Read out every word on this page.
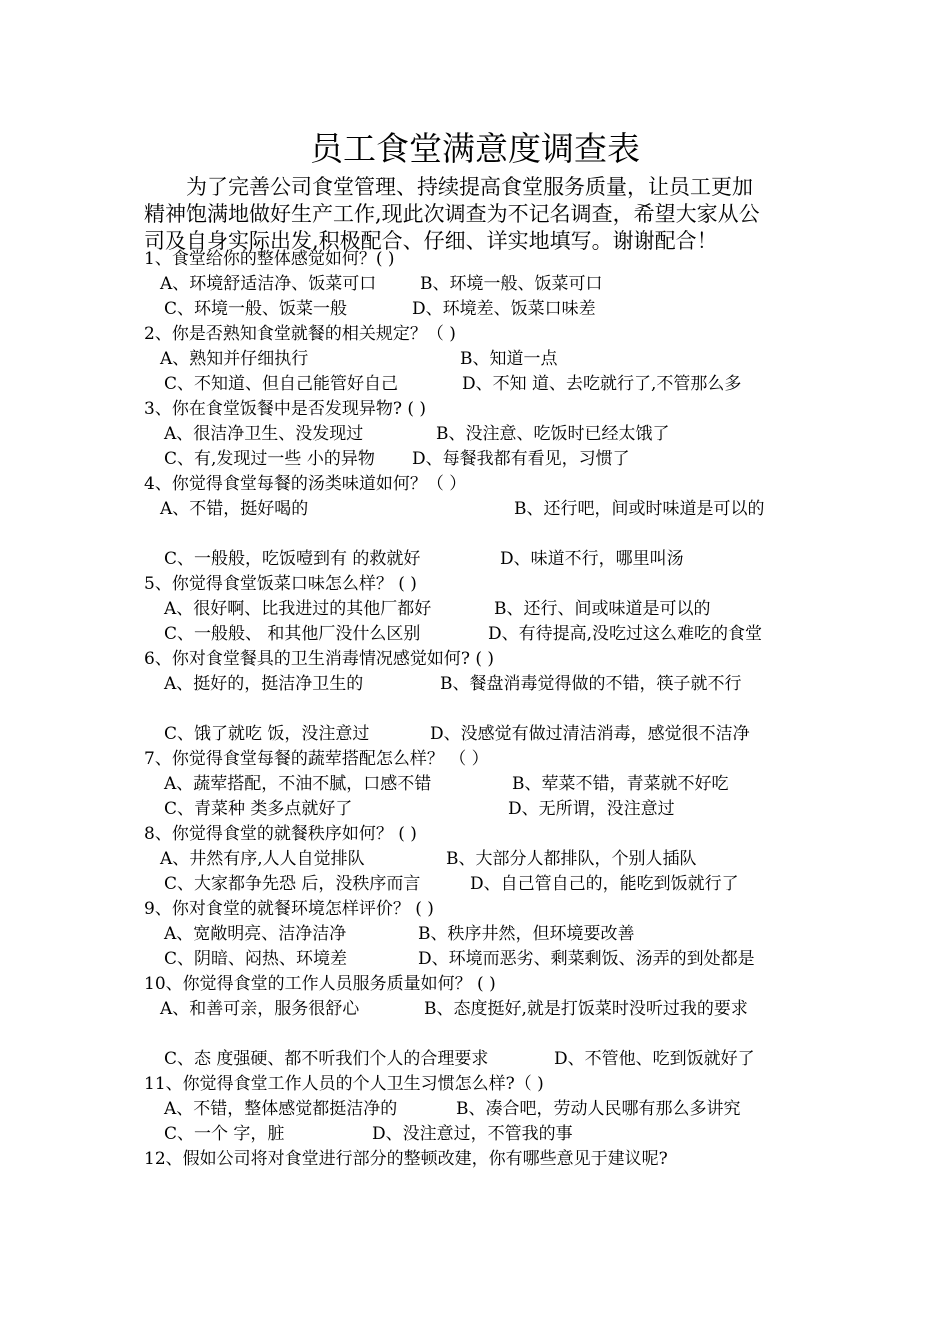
员工食堂满意度调查表

为了完善公司食堂管理、持续提高食堂服务质量，让员工更加

精神饱满地做好生产工作,现此次调查为不记名调查，希望大家从公

司及自身实际出发,积极配合、仔细、详实地填写。谢谢配合！

1、食堂给你的整体感觉如何？( )
A、环境舒适洁净、饭菜可口	B、环境一般、饭菜可口
C、环境一般、饭菜一般	D、环境差、饭菜口味差
2、你是否熟知食堂就餐的相关规定？（ )
A、熟知并仔细执行	B、知道一点
C、不知道、但自己能管好自己	D、不知 道、去吃就行了,不管那么多
3、你在食堂饭餐中是否发现异物? ( )
A、很洁净卫生、没发现过	B、没注意、吃饭时已经太饿了
C、有,发现过一些 小的异物 D、每餐我都有看见，习惯了
4、你觉得食堂每餐的汤类味道如何？（ ）
A、不错，挺好喝的	B、还行吧，间或时味道是可以的
C、一般般，吃饭噎到有 的救就好	D、味道不行，哪里叫汤
5、你觉得食堂饭菜口味怎么样？ ( )
A、很好啊、比我进过的其他厂都好	B、还行、间或味道是可以的
C、一般般、 和其他厂没什么区别	D、有待提高,没吃过这么难吃的食堂
6、你对食堂餐具的卫生消毒情况感觉如何? ( )
A、挺好的，挺洁净卫生的	B、餐盘消毒觉得做的不错，筷子就不行
C、饿了就吃 饭，没注意过	D、没感觉有做过清洁消毒，感觉很不洁净
7、你觉得食堂每餐的蔬荤搭配怎么样？ （ ）
A、蔬荤搭配，不油不腻，口感不错	B、荤菜不错，青菜就不好吃
C、青菜种 类多点就好了	D、无所谓，没注意过
8、你觉得食堂的就餐秩序如何？ ( )
A、井然有序,人人自觉排队	B、大部分人都排队，个别人插队
C、大家都争先恐 后，没秩序而言	D、自己管自己的，能吃到饭就行了
9、你对食堂的就餐环境怎样评价？ ( )
A、宽敞明亮、洁净洁净	B、秩序井然，但环境要改善
C、阴暗、闷热、环境差	D、环境而恶劣、剩菜剩饭、汤弄的到处都是
10、你觉得食堂的工作人员服务质量如何？ ( )
A、和善可亲，服务很舒心	B、态度挺好,就是打饭菜时没听过我的要求
C、态 度强硬、都不听我们个人的合理要求	D、不管他、吃到饭就好了
11、你觉得食堂工作人员的个人卫生习惯怎么样?（ )
A、不错，整体感觉都挺洁净的	B、凑合吧，劳动人民哪有那么多讲究
C、一个 字，脏	D、没注意过，不管我的事
12、假如公司将对食堂进行部分的整顿改建，你有哪些意见于建议呢?
